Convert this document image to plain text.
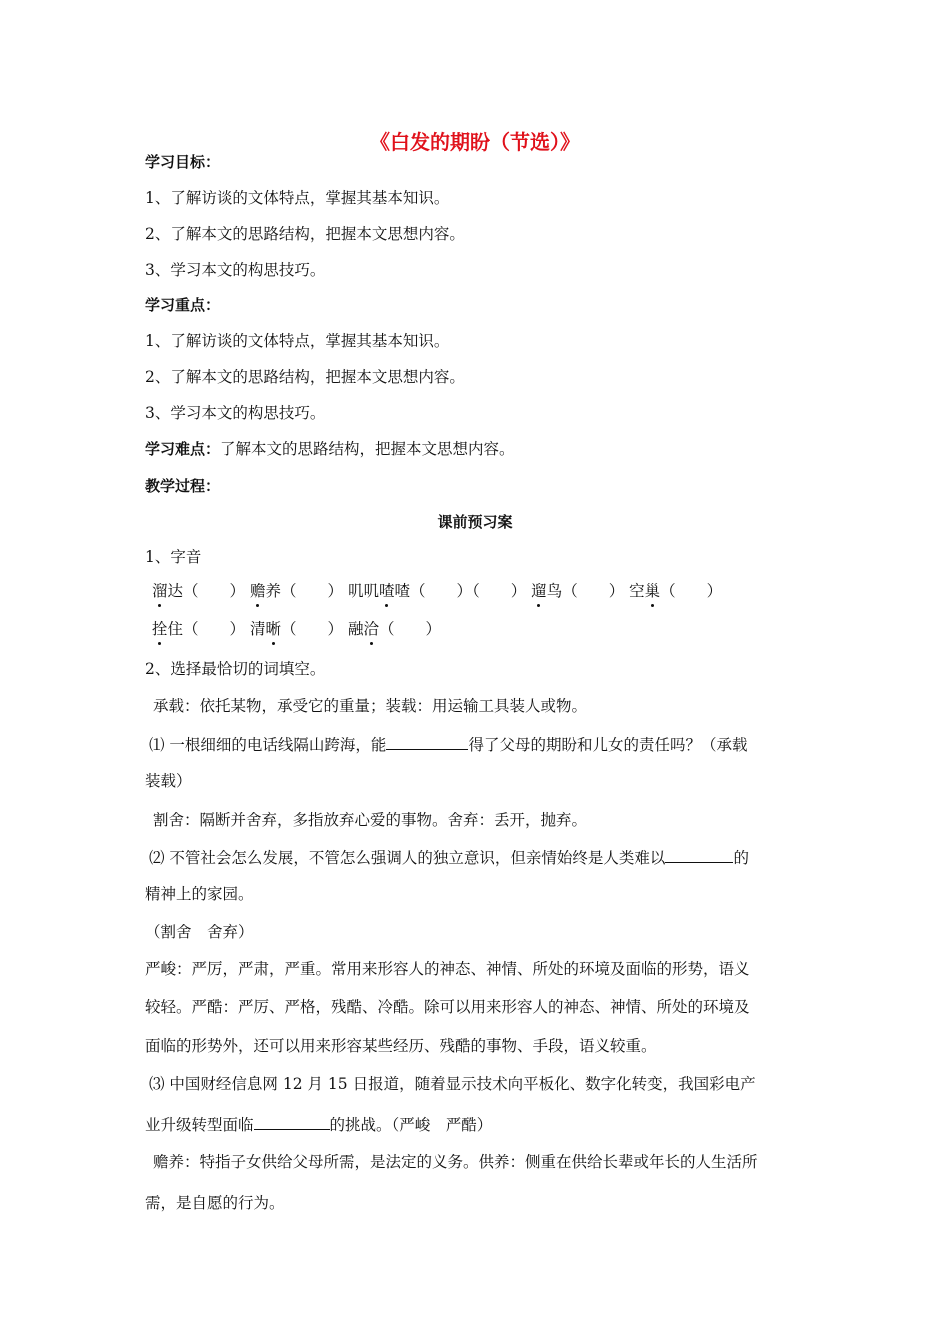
《白发的期盼（节选）》
学习目标：
1、了解访谈的文体特点，掌握其基本知识。
2、了解本文的思路结构，把握本文思想内容。
3、学习本文的构思技巧。
学习重点：
1、了解访谈的文体特点，掌握其基本知识。
2、了解本文的思路结构，把握本文思想内容。
3、学习本文的构思技巧。
学习难点：了解本文的思路结构，把握本文思想内容。
教学过程：
课前预习案
1、字音
溜达（　　） 赡养（　　） 叽叽喳喳（　　）（　　） 遛鸟（　　） 空巢（　　）
拴住（　　） 清晰（　　） 融洽（　　）
2、选择最恰切的词填空。
承载：依托某物，承受它的重量；装载：用运输工具装人或物。
⑴ 一根细细的电话线隔山跨海，能	得了父母的期盼和儿女的责任吗？（承载
装载）
割舍：隔断并舍弃，多指放弃心爱的事物。舍弃：丢开，抛弃。
⑵ 不管社会怎么发展，不管怎么强调人的独立意识，但亲情始终是人类难以	的
精神上的家园。
（割舍　舍弃）
严峻：严厉，严肃，严重。常用来形容人的神态、神情、所处的环境及面临的形势，语义
较轻。严酷：严厉、严格，残酷、冷酷。除可以用来形容人的神态、神情、所处的环境及
面临的形势外，还可以用来形容某些经历、残酷的事物、手段，语义较重。
⑶ 中国财经信息网 12 月 15 日报道，随着显示技术向平板化、数字化转变，我国彩电产
业升级转型面临	的挑战。（严峻　严酷）
赡养：特指子女供给父母所需，是法定的义务。供养：侧重在供给长辈或年长的人生活所
需，是自愿的行为。
